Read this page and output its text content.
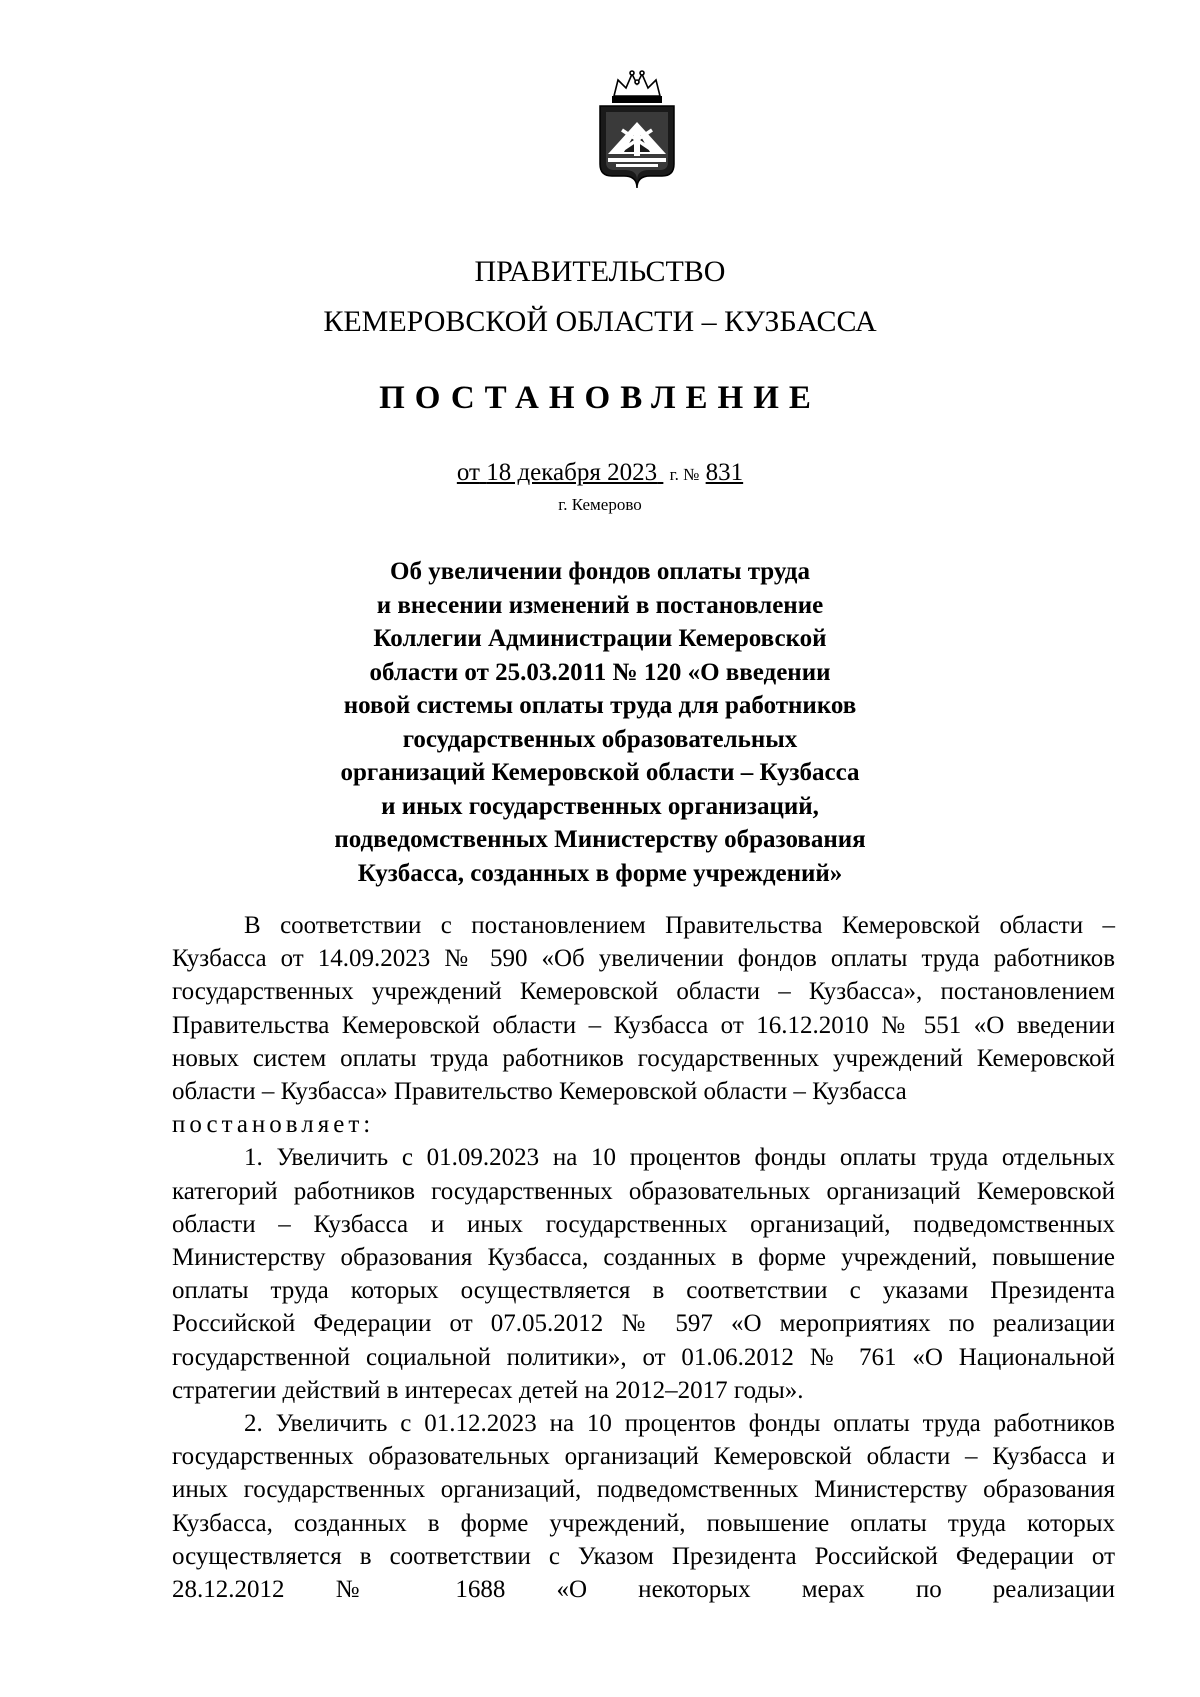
ПРАВИТЕЛЬСТВО
КЕМЕРОВСКОЙ ОБЛАСТИ – КУЗБАССА
ПОСТАНОВЛЕНИЕ
от 18 декабря 2023 г. № 831
г. Кемерово
Об увеличении фондов оплаты труда
и внесении изменений в постановление
Коллегии Администрации Кемеровской
области от 25.03.2011 № 120 «О введении
новой системы оплаты труда для работников
государственных образовательных
организаций Кемеровской области – Кузбасса
и иных государственных организаций,
подведомственных Министерству образования
Кузбасса, созданных в форме учреждений»

В соответствии с постановлением Правительства Кемеровской области – Кузбасса от 14.09.2023 № 590 «Об увеличении фондов оплаты труда работников государственных учреждений Кемеровской области – Кузбасса», постановлением Правительства Кемеровской области – Кузбасса от 16.12.2010 № 551 «О введении новых систем оплаты труда работников государственных учреждений Кемеровской области – Кузбасса» Правительство Кемеровской области – Кузбасса

постановляет:

1. Увеличить с 01.09.2023 на 10 процентов фонды оплаты труда отдельных категорий работников государственных образовательных организаций Кемеровской области – Кузбасса и иных государственных организаций, подведомственных Министерству образования Кузбасса, созданных в форме учреждений, повышение оплаты труда которых осуществляется в соответствии с указами Президента Российской Федерации от 07.05.2012 № 597 «О мероприятиях по реализации государственной социальной политики», от 01.06.2012 № 761 «О Национальной стратегии действий в интересах детей на 2012–2017 годы».

2. Увеличить с 01.12.2023 на 10 процентов фонды оплаты труда работников государственных образовательных организаций Кемеровской области – Кузбасса и иных государственных организаций, подведомственных Министерству образования Кузбасса, созданных в форме учреждений, повышение оплаты труда которых осуществляется в соответствии с Указом Президента Российской Федерации от 28.12.2012 № 1688 «О некоторых мерах по реализации
